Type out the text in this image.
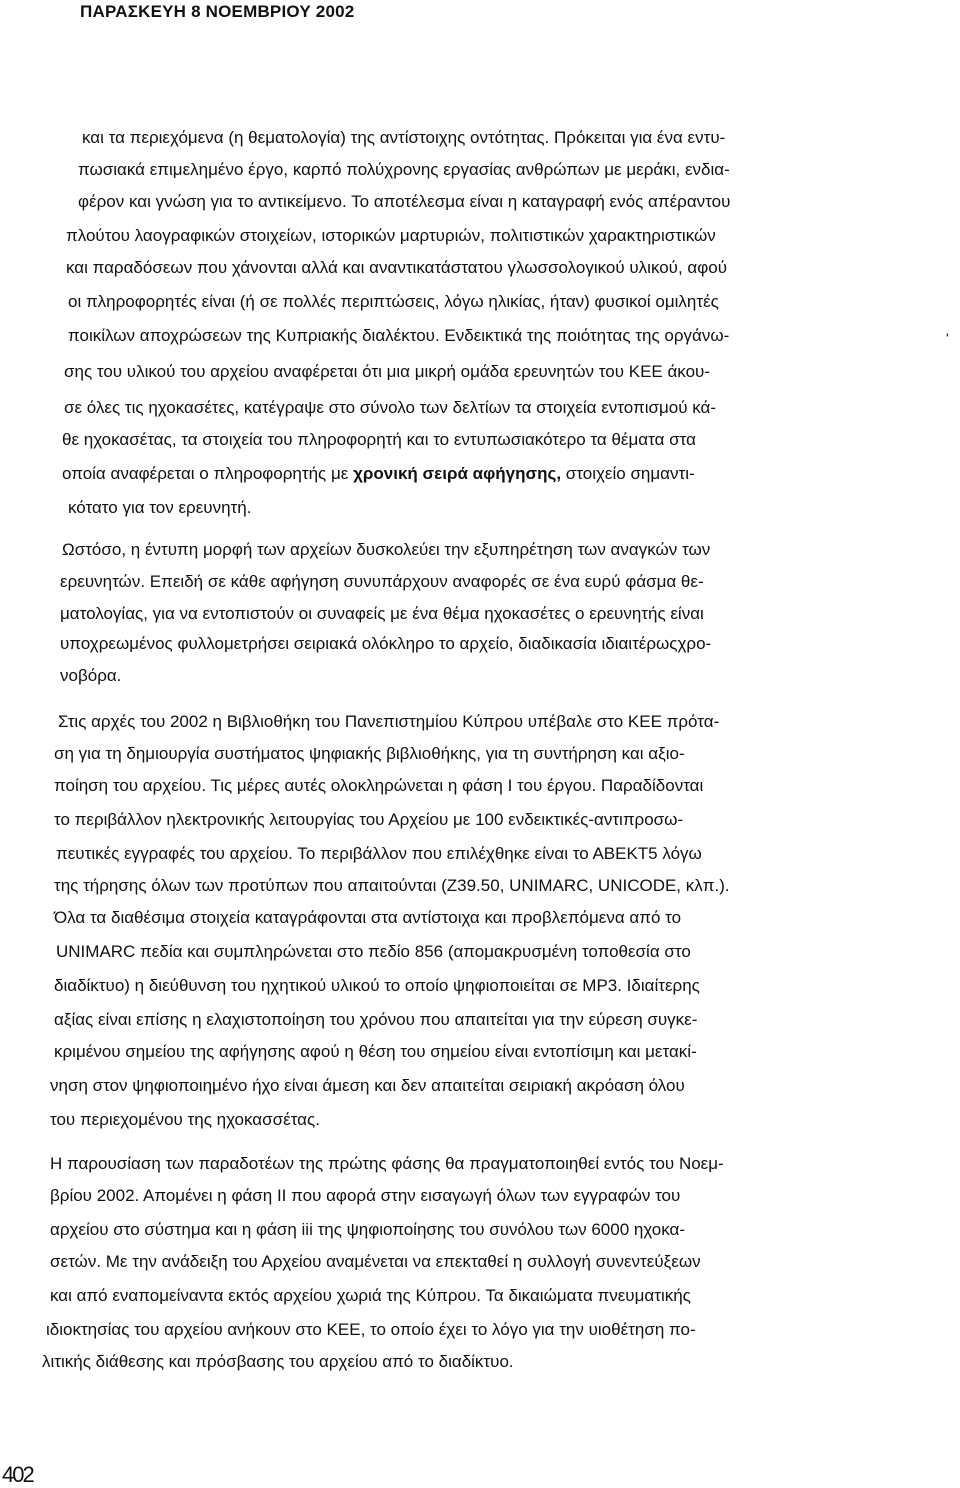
ΠΑΡΑΣΚΕΥΗ 8 ΝΟΕΜΒΡΙΟΥ 2002
και τα περιεχόμενα (η θεματολογία) της αντίστοιχης οντότητας. Πρόκειται για ένα εντυ-
πωσιακά επιμελημένο έργο, καρπό πολύχρονης εργασίας ανθρώπων με μεράκι, ενδια-
φέρον και γνώση για το αντικείμενο. Το αποτέλεσμα είναι η καταγραφή ενός απέραντου
πλούτου λαογραφικών στοιχείων, ιστορικών μαρτυριών, πολιτιστικών χαρακτηριστικών
και παραδόσεων που χάνονται αλλά και αναντικατάστατου γλωσσολογικού υλικού, αφού
οι πληροφορητές είναι (ή σε πολλές περιπτώσεις, λόγω ηλικίας, ήταν) φυσικοί ομιλητές
ποικίλων αποχρώσεων της Κυπριακής διαλέκτου. Ενδεικτικά της ποιότητας της οργάνω-
σης του υλικού του αρχείου αναφέρεται ότι μια μικρή ομάδα ερευνητών του ΚΕΕ άκου-
σε όλες τις ηχοκασέτες, κατέγραψε στο σύνολο των δελτίων τα στοιχεία εντοπισμού κά-
θε ηχοκασέτας, τα στοιχεία του πληροφορητή και το εντυπωσιακότερο τα θέματα στα
οποία αναφέρεται ο πληροφορητής με χρονική σειρά αφήγησης, στοιχείο σημαντι-
κότατο για τον ερευνητή.
Ωστόσο, η έντυπη μορφή των αρχείων δυσκολεύει την εξυπηρέτηση των αναγκών των
ερευνητών. Επειδή σε κάθε αφήγηση συνυπάρχουν αναφορές σε ένα ευρύ φάσμα θε-
ματολογίας, για να εντοπιστούν οι συναφείς με ένα θέμα ηχοκασέτες ο ερευνητής είναι
υποχρεωμένος φυλλομετρήσει σειριακά ολόκληρο το αρχείο, διαδικασία ιδιαιτέρωςχρο-
νοβόρα.
Στις αρχές του 2002 η Βιβλιοθήκη του Πανεπιστημίου Κύπρου υπέβαλε στο ΚΕΕ πρότα-
ση για τη δημιουργία συστήματος ψηφιακής βιβλιοθήκης, για τη συντήρηση και αξιο-
ποίηση του αρχείου. Τις μέρες αυτές ολοκληρώνεται η φάση Ι του έργου. Παραδίδονται
το περιβάλλον ηλεκτρονικής λειτουργίας του Αρχείου με 100 ενδεικτικές-αντιπροσω-
πευτικές εγγραφές του αρχείου. Το περιβάλλον που επιλέχθηκε είναι το ΑΒΕΚΤ5 λόγω
της τήρησης όλων των προτύπων που απαιτούνται (Z39.50, UNIMARC, UNICODE, κλπ.).
Όλα τα διαθέσιμα στοιχεία καταγράφονται στα αντίστοιχα και προβλεπόμενα από το
UNIMARC πεδία και συμπληρώνεται στο πεδίο 856 (απομακρυσμένη τοποθεσία στο
διαδίκτυο) η διεύθυνση του ηχητικού υλικού το οποίο ψηφιοποιείται σε MP3. Ιδιαίτερης
αξίας είναι επίσης η ελαχιστοποίηση του χρόνου που απαιτείται για την εύρεση συγκε-
κριμένου σημείου της αφήγησης αφού η θέση του σημείου είναι εντοπίσιμη και μετακί-
νηση στον ψηφιοποιημένο ήχο είναι άμεση και δεν απαιτείται σειριακή ακρόαση όλου
του περιεχομένου της ηχοκασσέτας.
Η παρουσίαση των παραδοτέων της πρώτης φάσης θα πραγματοποιηθεί εντός του Νοεμ-
βρίου 2002. Απομένει η φάση ΙΙ που αφορά στην εισαγωγή όλων των εγγραφών του
αρχείου στο σύστημα και η φάση iii της ψηφιοποίησης του συνόλου των 6000 ηχοκα-
σετών. Με την ανάδειξη του Αρχείου αναμένεται να επεκταθεί η συλλογή συνεντεύξεων
και από εναπομείναντα εκτός αρχείου χωριά της Κύπρου. Τα δικαιώματα πνευματικής
ιδιοκτησίας του αρχείου ανήκουν στο ΚΕΕ, το οποίο έχει το λόγο για την υιοθέτηση πο-
λιτικής διάθεσης και πρόσβασης του αρχείου από το διαδίκτυο.
'
402
